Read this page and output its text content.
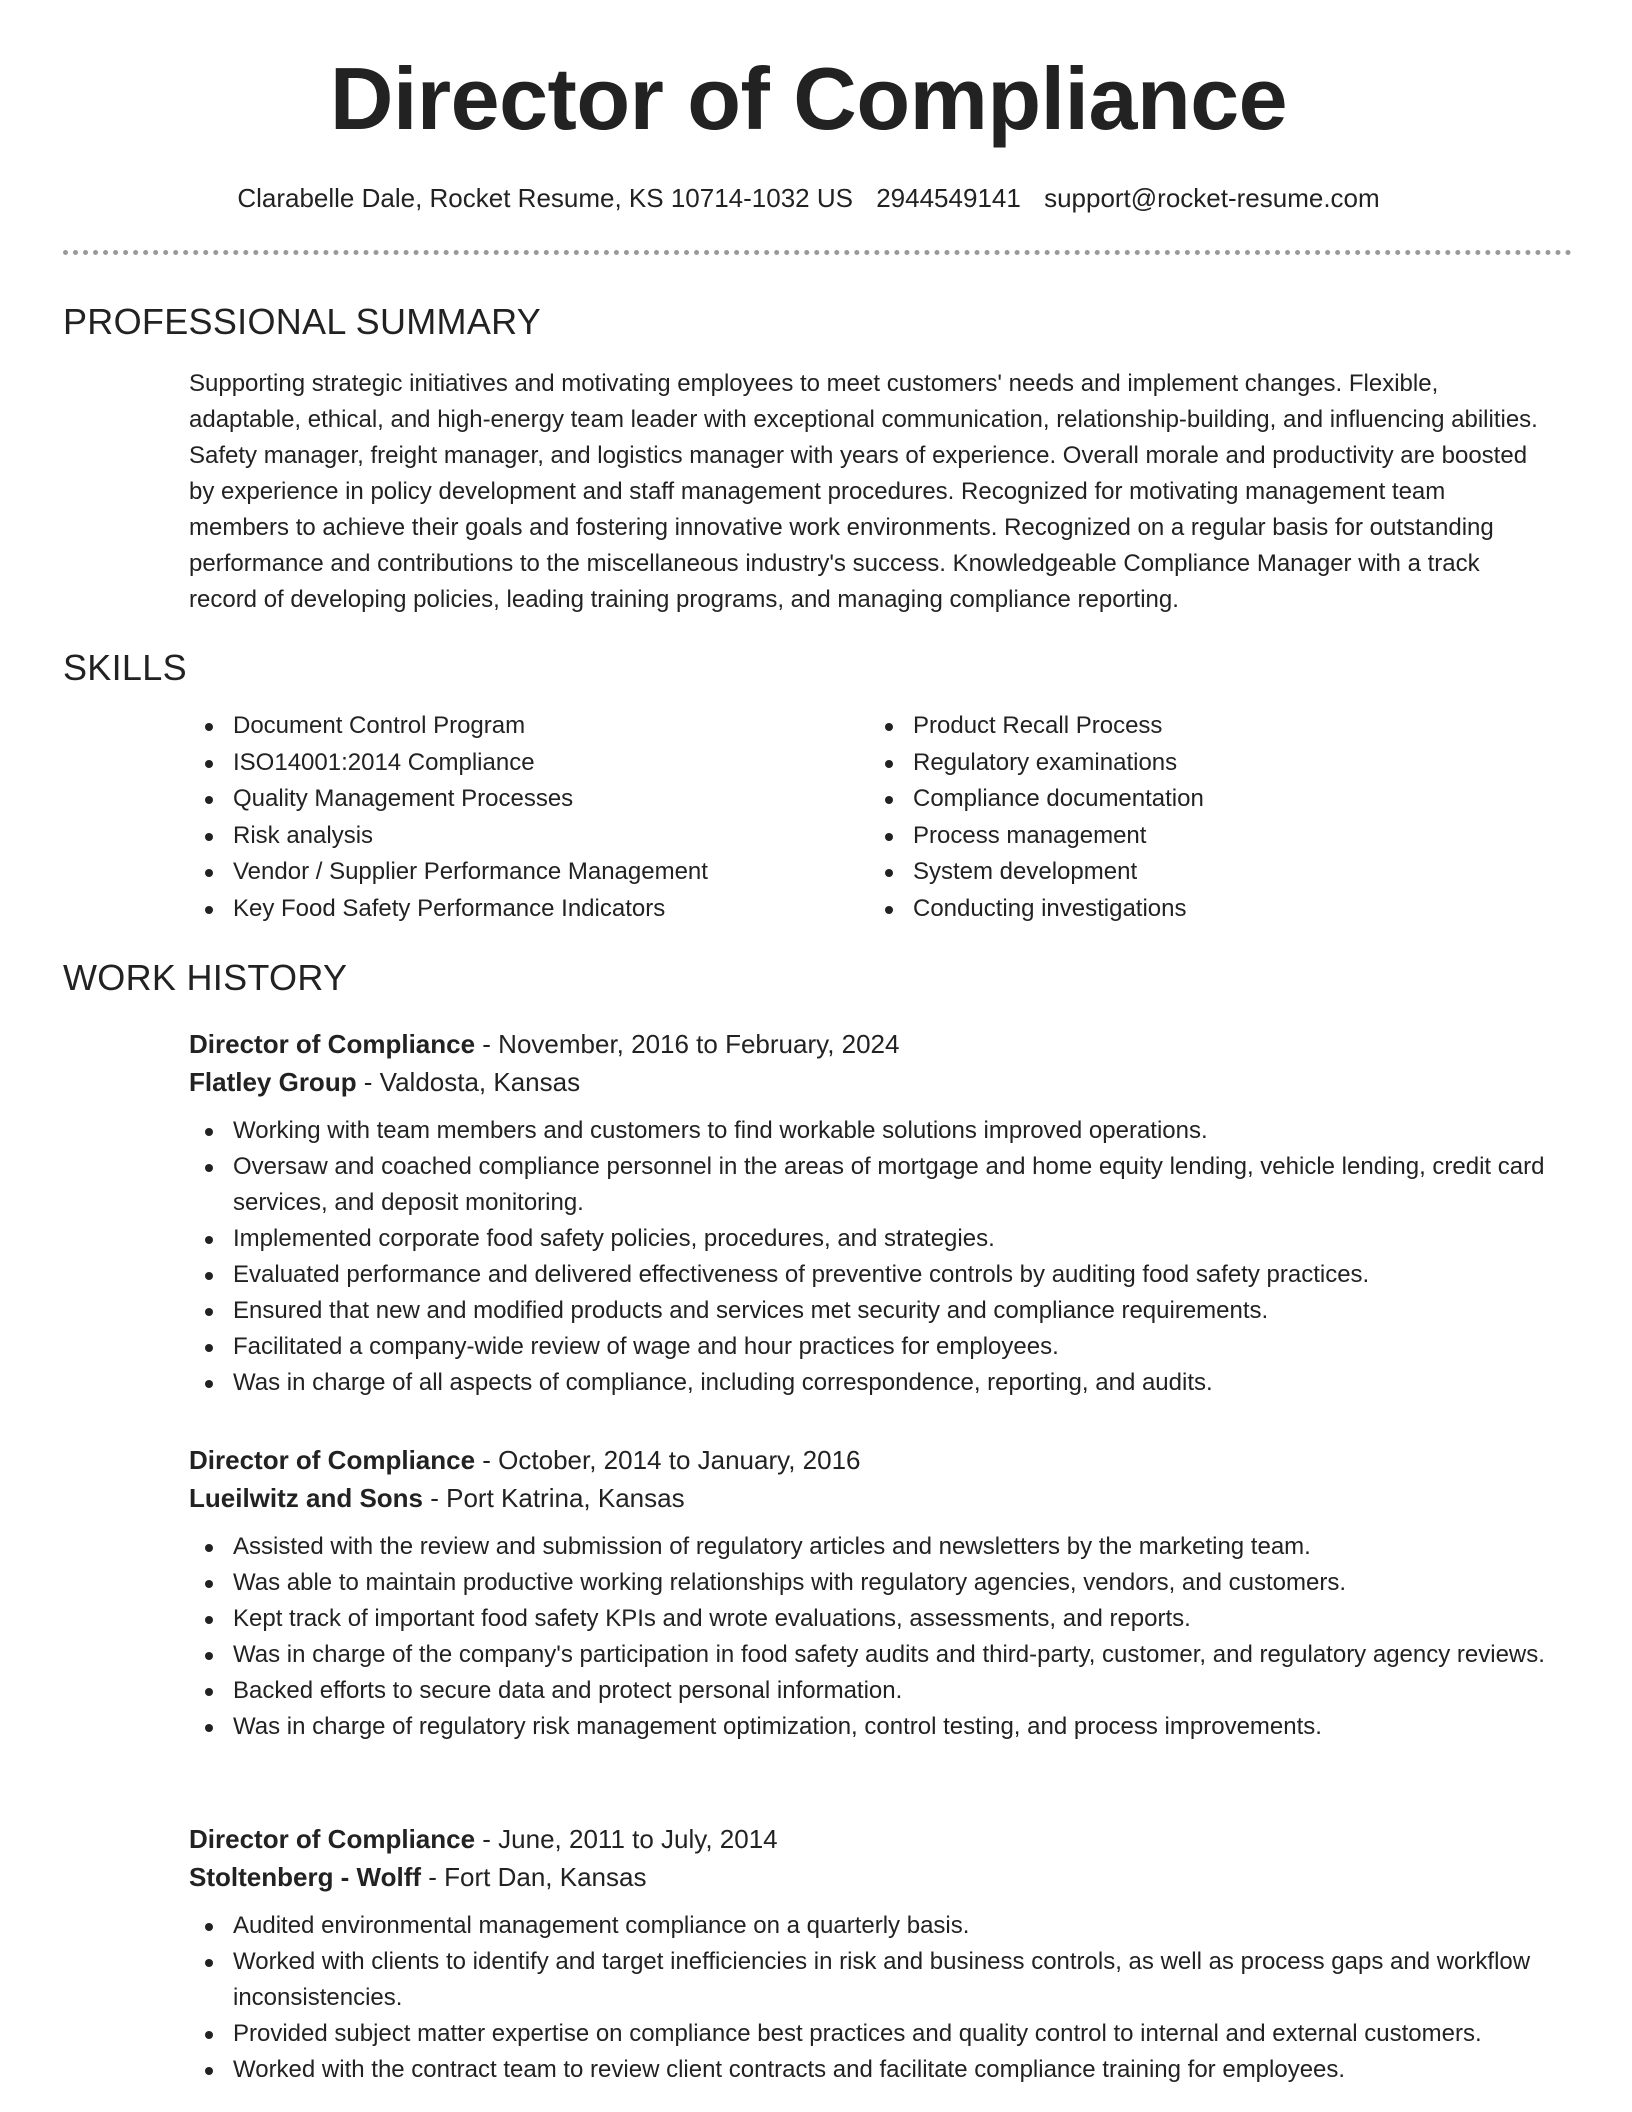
Director of Compliance
Clarabelle Dale, Rocket Resume, KS 10714-1032 US 2944549141 support@rocket-resume.com
PROFESSIONAL SUMMARY

Supporting strategic initiatives and motivating employees to meet customers' needs and implement changes. Flexible, adaptable, ethical, and high-energy team leader with exceptional communication, relationship-building, and influencing abilities. Safety manager, freight manager, and logistics manager with years of experience. Overall morale and productivity are boosted by experience in policy development and staff management procedures. Recognized for motivating management team members to achieve their goals and fostering innovative work environments. Recognized on a regular basis for outstanding performance and contributions to the miscellaneous industry's success. Knowledgeable Compliance Manager with a track record of developing policies, leading training programs, and managing compliance reporting.

SKILLS
Document Control Program
ISO14001:2014 Compliance
Quality Management Processes
Risk analysis
Vendor / Supplier Performance Management
Key Food Safety Performance Indicators
Product Recall Process
Regulatory examinations
Compliance documentation
Process management
System development
Conducting investigations
WORK HISTORY
Director of Compliance - November, 2016 to February, 2024
Flatley Group - Valdosta, Kansas
Working with team members and customers to find workable solutions improved operations.
Oversaw and coached compliance personnel in the areas of mortgage and home equity lending, vehicle lending, credit card services, and deposit monitoring.
Implemented corporate food safety policies, procedures, and strategies.
Evaluated performance and delivered effectiveness of preventive controls by auditing food safety practices.
Ensured that new and modified products and services met security and compliance requirements.
Facilitated a company-wide review of wage and hour practices for employees.
Was in charge of all aspects of compliance, including correspondence, reporting, and audits.
Director of Compliance - October, 2014 to January, 2016
Lueilwitz and Sons - Port Katrina, Kansas
Assisted with the review and submission of regulatory articles and newsletters by the marketing team.
Was able to maintain productive working relationships with regulatory agencies, vendors, and customers.
Kept track of important food safety KPIs and wrote evaluations, assessments, and reports.
Was in charge of the company's participation in food safety audits and third-party, customer, and regulatory agency reviews.
Backed efforts to secure data and protect personal information.
Was in charge of regulatory risk management optimization, control testing, and process improvements.
Director of Compliance - June, 2011 to July, 2014
Stoltenberg - Wolff - Fort Dan, Kansas
Audited environmental management compliance on a quarterly basis.
Worked with clients to identify and target inefficiencies in risk and business controls, as well as process gaps and workflow inconsistencies.
Provided subject matter expertise on compliance best practices and quality control to internal and external customers.
Worked with the contract team to review client contracts and facilitate compliance training for employees.
